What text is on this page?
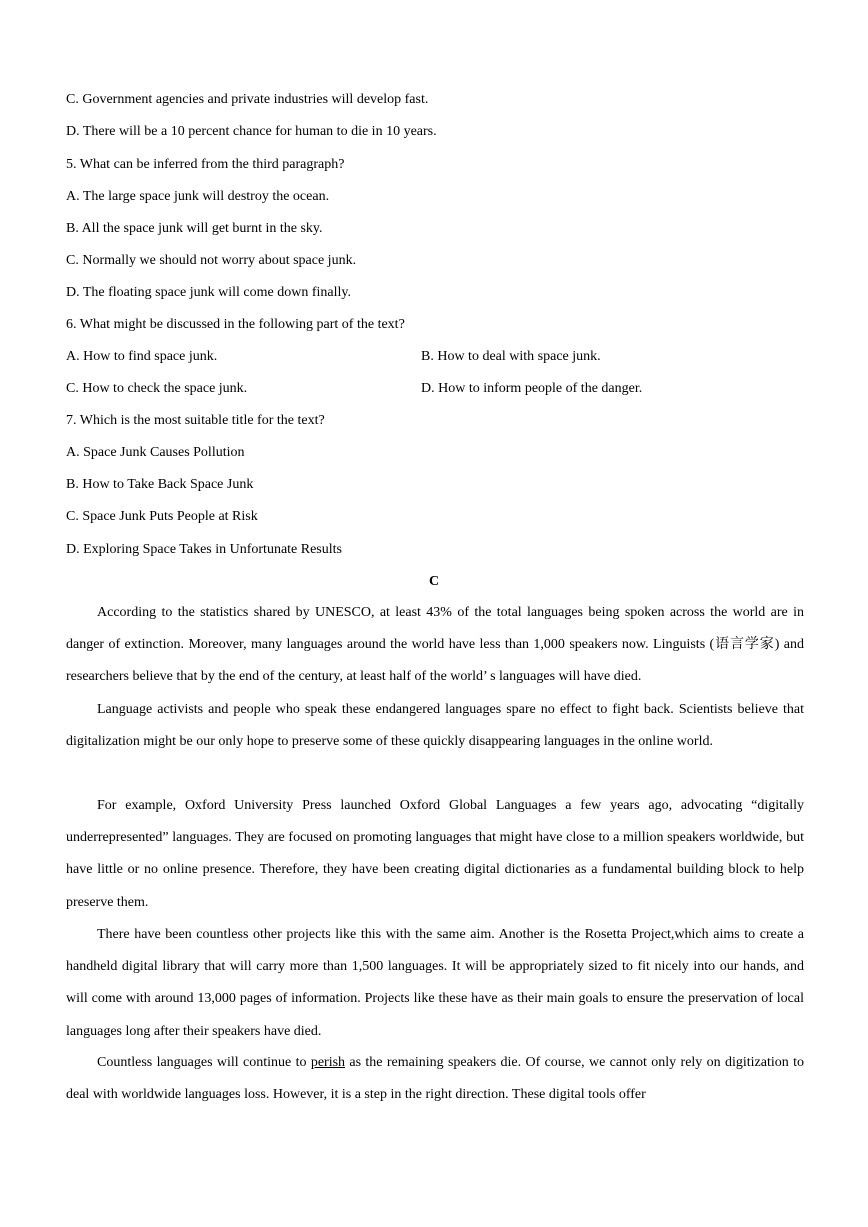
C. Government agencies and private industries will develop fast.
D. There will be a 10 percent chance for human to die in 10 years.
5. What can be inferred from the third paragraph?
A. The large space junk will destroy the ocean.
B. All the space junk will get burnt in the sky.
C. Normally we should not worry about space junk.
D. The floating space junk will come down finally.
6. What might be discussed in the following part of the text?
A. How to find space junk.	B. How to deal with space junk.
C. How to check the space junk.	D. How to inform people of the danger.
7. Which is the most suitable title for the text?
A. Space Junk Causes Pollution
B. How to Take Back Space Junk
C. Space Junk Puts People at Risk
D. Exploring Space Takes in Unfortunate Results
C
According to the statistics shared by UNESCO, at least 43% of the total languages being spoken across the world are in danger of extinction. Moreover, many languages around the world have less than 1,000 speakers now. Linguists (语言学家) and researchers believe that by the end of the century, at least half of the world’ s languages will have died.
Language activists and people who speak these endangered languages spare no effect to fight back. Scientists believe that digitalization might be our only hope to preserve some of these quickly disappearing languages in the online world.
For example, Oxford University Press launched Oxford Global Languages a few years ago, advocating “digitally underrepresented” languages. They are focused on promoting languages that might have close to a million speakers worldwide, but have little or no online presence. Therefore, they have been creating digital dictionaries as a fundamental building block to help preserve them.
There have been countless other projects like this with the same aim. Another is the Rosetta Project,which aims to create a handheld digital library that will carry more than 1,500 languages. It will be appropriately sized to fit nicely into our hands, and will come with around 13,000 pages of information. Projects like these have as their main goals to ensure the preservation of local languages long after their speakers have died.
Countless languages will continue to perish as the remaining speakers die. Of course, we cannot only rely on digitization to deal with worldwide languages loss. However, it is a step in the right direction. These digital tools offer
